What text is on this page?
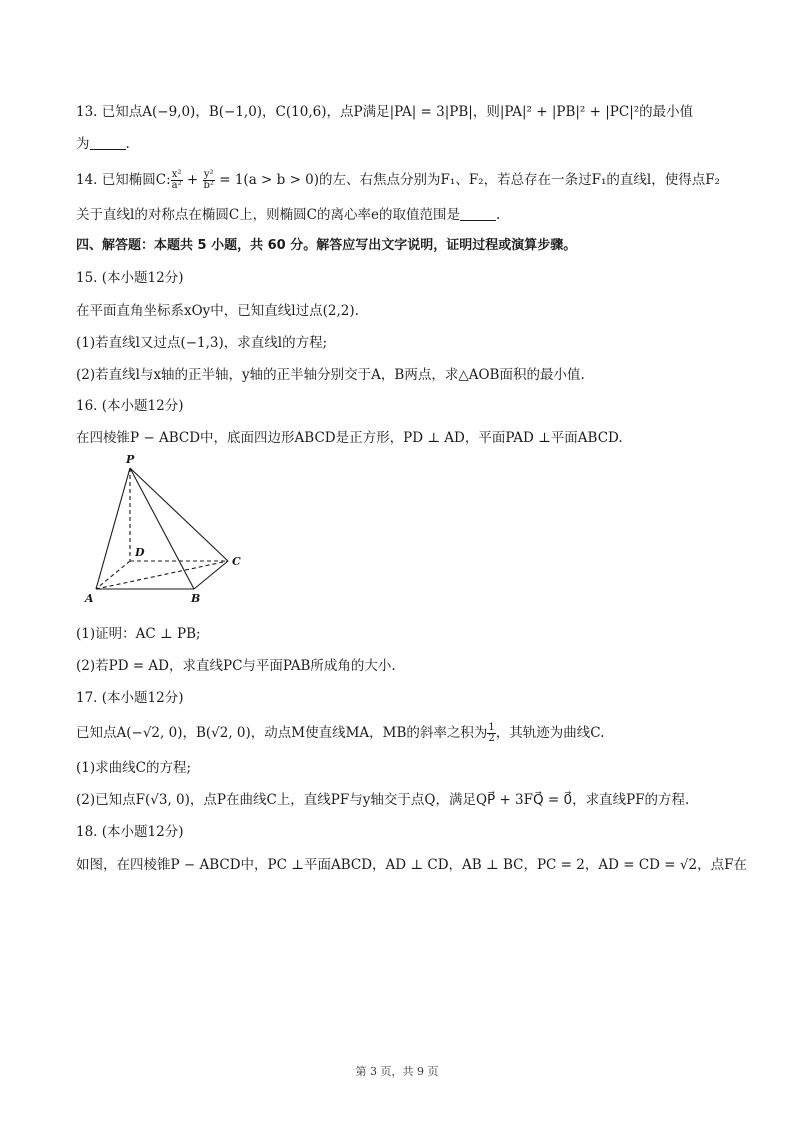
13. 已知点A(−9,0)，B(−1,0)，C(10,6)，点P满足|PA| = 3|PB|，则|PA|² + |PB|² + |PC|²的最小值
为	.
14. 已知椭圆C: $\frac{\text{x²}}{\text{a²}} + \frac{\text{y²}}{\text{b²}} = 1(a > b > 0)$的左、右焦点分别为F₁、F₂，若总存在一条过F₁的直线l，使得点F₂
关于直线l的对称点在椭圆C上，则椭圆C的离心率e的取值范围是	.
四、解答题：本题共 5 小题，共 60 分。解答应写出文字说明，证明过程或演算步骤。
15. (本小题12分)
在平面直角坐标系xOy中，已知直线l过点(2,2).
(1)若直线l又过点(−1,3)，求直线l的方程;
(2)若直线l与x轴的正半轴，y轴的正半轴分别交于A，B两点，求△AOB面积的最小值.
16. (本小题12分)
在四棱锥P − ABCD中，底面四边形ABCD是正方形，PD ⊥ AD，平面PAD ⊥平面ABCD.
P
D
C
A	B
(1)证明：AC ⊥ PB;
(2)若PD = AD，求直线PC与平面PAB所成角的大小.
17. (本小题12分)
已知点A(−√2, 0)，B(√2, 0)，动点M使直线MA，MB的斜率之积为 $\frac{1}{2}$ ，其轨迹为曲线C.
(1)求曲线C的方程;
(2)已知点F(√3, 0)，点P在曲线C上，直线PF与y轴交于点Q，满足QP⃗ + 3FQ⃗ = 0⃗，求直线PF的方程.
18. (本小题12分)
如图，在四棱锥P − ABCD中，PC ⊥平面ABCD，AD ⊥ CD，AB ⊥ BC，PC = 2，AD = CD = √2，点F在
第 3 页，共 9 页
